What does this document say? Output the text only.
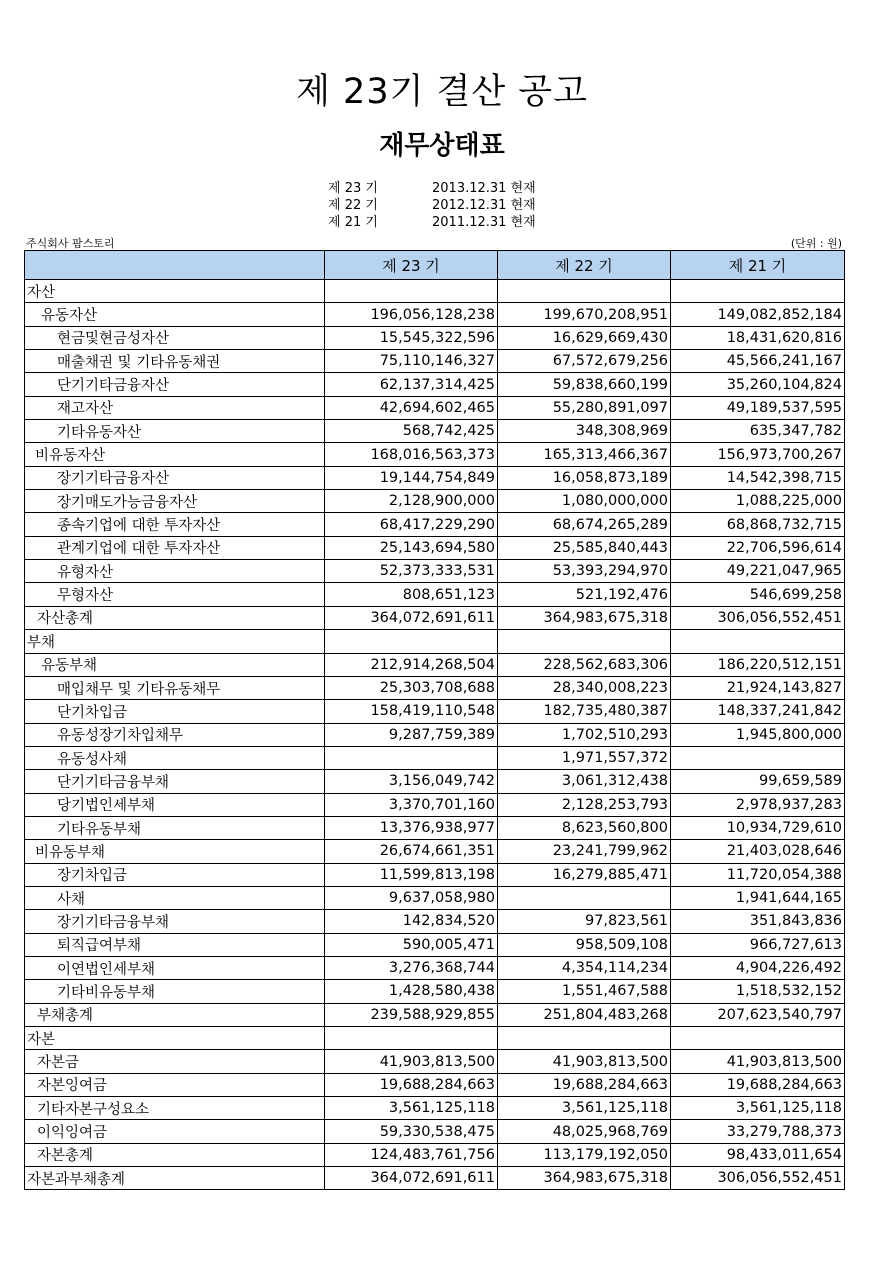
제 23기 결산 공고
재무상태표
제 23 기	2013.12.31 현재
제 22 기	2012.12.31 현재
제 21 기	2011.12.31 현재
주식회사 팜스토리	(단위 : 원)
	제 23 기	제 22 기	제 21 기
자산			
유동자산	196,056,128,238	199,670,208,951	149,082,852,184
현금및현금성자산	15,545,322,596	16,629,669,430	18,431,620,816
매출채권 및 기타유동채권	75,110,146,327	67,572,679,256	45,566,241,167
단기기타금융자산	62,137,314,425	59,838,660,199	35,260,104,824
재고자산	42,694,602,465	55,280,891,097	49,189,537,595
기타유동자산	568,742,425	348,308,969	635,347,782
비유동자산	168,016,563,373	165,313,466,367	156,973,700,267
장기기타금융자산	19,144,754,849	16,058,873,189	14,542,398,715
장기매도가능금융자산	2,128,900,000	1,080,000,000	1,088,225,000
종속기업에 대한 투자자산	68,417,229,290	68,674,265,289	68,868,732,715
관계기업에 대한 투자자산	25,143,694,580	25,585,840,443	22,706,596,614
유형자산	52,373,333,531	53,393,294,970	49,221,047,965
무형자산	808,651,123	521,192,476	546,699,258
자산총계	364,072,691,611	364,983,675,318	306,056,552,451
부채			
유동부채	212,914,268,504	228,562,683,306	186,220,512,151
매입채무 및 기타유동채무	25,303,708,688	28,340,008,223	21,924,143,827
단기차입금	158,419,110,548	182,735,480,387	148,337,241,842
유동성장기차입채무	9,287,759,389	1,702,510,293	1,945,800,000
유동성사채		1,971,557,372	
단기기타금융부채	3,156,049,742	3,061,312,438	99,659,589
당기법인세부채	3,370,701,160	2,128,253,793	2,978,937,283
기타유동부채	13,376,938,977	8,623,560,800	10,934,729,610
비유동부채	26,674,661,351	23,241,799,962	21,403,028,646
장기차입금	11,599,813,198	16,279,885,471	11,720,054,388
사채	9,637,058,980		1,941,644,165
장기기타금융부채	142,834,520	97,823,561	351,843,836
퇴직급여부채	590,005,471	958,509,108	966,727,613
이연법인세부채	3,276,368,744	4,354,114,234	4,904,226,492
기타비유동부채	1,428,580,438	1,551,467,588	1,518,532,152
부채총계	239,588,929,855	251,804,483,268	207,623,540,797
자본			
자본금	41,903,813,500	41,903,813,500	41,903,813,500
자본잉여금	19,688,284,663	19,688,284,663	19,688,284,663
기타자본구성요소	3,561,125,118	3,561,125,118	3,561,125,118
이익잉여금	59,330,538,475	48,025,968,769	33,279,788,373
자본총계	124,483,761,756	113,179,192,050	98,433,011,654
자본과부채총계	364,072,691,611	364,983,675,318	306,056,552,451
